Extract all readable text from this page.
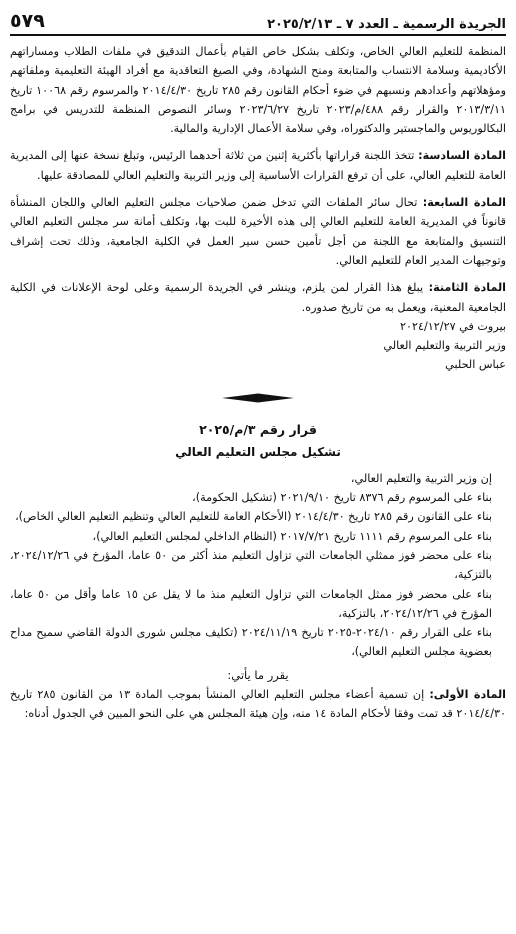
الجريدة الرسمية ـ العدد ٧ ـ ٢٠٢٥/٢/١٣
٥٧٩

المنظمة للتعليم العالي الخاص، وتكلف بشكل خاص القيام بأعمال التدقيق في ملفات الطلاب ومساراتهم الأكاديمية وسلامة الانتساب والمتابعة ومنح الشهادة، وفي الصيغ التعاقدية مع أفراد الهيئة التعليمية وملفاتهم ومؤهلاتهم وأعدادهم ونسبهم في ضوء أحكام القانون رقم ٢٨٥ تاريخ ٢٠١٤/٤/٣٠ والمرسوم رقم ١٠٠٦٨ تاريخ ٢٠١٣/٣/١١ والقرار رقم ٤٨٨/م/٢٠٢٣ تاريخ ٢٠٢٣/٦/٢٧ وسائر النصوص المنظمة للتدريس في برامج البكالوريوس والماجستير والدكتوراه، وفي سلامة الأعمال الإدارية والمالية.

المادة السادسة: تتخذ اللجنة قراراتها بأكثرية إثنين من ثلاثة أحدهما الرئيس، وتبلغ نسخة عنها إلى المديرية العامة للتعليم العالي، على أن ترفع القرارات الأساسية إلى وزير التربية والتعليم العالي للمصادقة عليها.

المادة السابعة: تحال سائر الملفات التي تدخل ضمن صلاحيات مجلس التعليم العالي واللجان المنشأة قانوناً في المديرية العامة للتعليم العالي إلى هذه الأخيرة للبت بها، وتكلف أمانة سر مجلس التعليم العالي التنسيق والمتابعة مع اللجنة من أجل تأمين حسن سير العمل في الكلية الجامعية، وذلك تحت إشراف وتوجيهات المدير العام للتعليم العالي.

المادة الثامنة: يبلغ هذا القرار لمن يلزم، وينشر في الجريدة الرسمية وعلى لوحة الإعلانات في الكلية الجامعية المعنية، ويعمل به من تاريخ صدوره.

بيروت في ٢٠٢٤/١٢/٢٧

وزير التربية والتعليم العالي

عباس الحلبي

قرار رقم ٣/م/٢٠٢٥
تشكيل مجلس التعليم العالي

إن وزير التربية والتعليم العالي،

بناء على المرسوم رقم ٨٣٧٦ تاريخ ٢٠٢١/٩/١٠ (تشكيل الحكومة)،

بناء على القانون رقم ٢٨٥ تاريخ ٢٠١٤/٤/٣٠ (الأحكام العامة للتعليم العالي وتنظيم التعليم العالي الخاص)،

بناء على المرسوم رقم ١١١١ تاريخ ٢٠١٧/٧/٢١ (النظام الداخلي لمجلس التعليم العالي)،

بناء على محضر فوز ممثلي الجامعات التي تزاول التعليم منذ أكثر من ٥٠ عاما، المؤرخ في ٢٠٢٤/١٢/٢٦، بالتزكية،

بناء على محضر فوز ممثل الجامعات التي تزاول التعليم منذ ما لا يقل عن ١٥ عاما وأقل من ٥٠ عاما، المؤرخ في ٢٠٢٤/١٢/٢٦، بالتزكية،

بناء على القرار رقم ٢٠٢٤/١٠-٢٠٢٥ تاريخ ٢٠٢٤/١١/١٩ (تكليف مجلس شورى الدولة القاضي سميح مداح بعضوية مجلس التعليم العالي)،

يقرر ما يأتي:

المادة الأولى: إن تسمية أعضاء مجلس التعليم العالي المنشأ بموجب المادة ١٣ من القانون ٢٨٥ تاريخ ٢٠١٤/٤/٣٠ قد تمت وفقا لأحكام المادة ١٤ منه، وإن هيئة المجلس هي على النحو المبين في الجدول أدناه:
